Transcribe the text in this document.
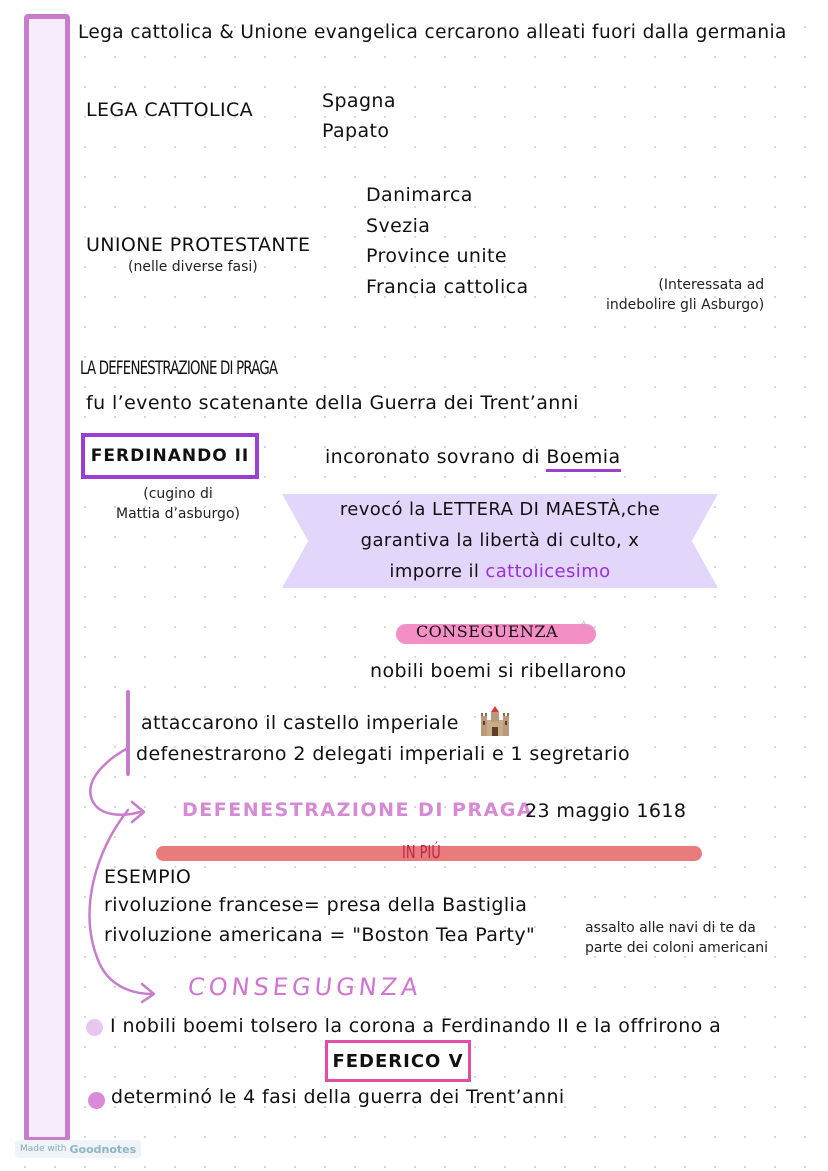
Lega cattolica & Unione evangelica cercarono alleati fuori dalla germania
LEGA CATTOLICA	Spagna
Papato
UNIONE PROTESTANTE
(nelle diverse fasi)
Danimarca
Svezia
Province unite
Francia cattolica	(Interessata ad
indebolire gli Asburgo)
LA DEFENESTRAZIONE DI PRAGA
fu l’evento scatenante della Guerra dei Trent’anni
FERDINANDO II
(cugino di
Mattia d’asburgo)
incoronato sovrano di Boemia
revocó la LETTERA DI MAESTÀ,che
garantiva la libertà di culto, x
imporre il cattolicesimo
CONSEGUENZA	✧
nobili boemi si ribellarono
attaccarono il castello imperiale
defenestrarono 2 delegati imperiali e 1 segretario
DEFENESTRAZIONE DI PRAGA
23 maggio 1618
IN PIÚ
ESEMPIO
rivoluzione francese= presa della Bastiglia
rivoluzione americana = "Boston Tea Party"	assalto alle navi di te da
parte dei coloni americani
CONSEGUGNZA
I nobili boemi tolsero la corona a Ferdinando II e la offrirono a
FEDERICO V
determinó le 4 fasi della guerra dei Trent’anni
Made with Goodnotes
